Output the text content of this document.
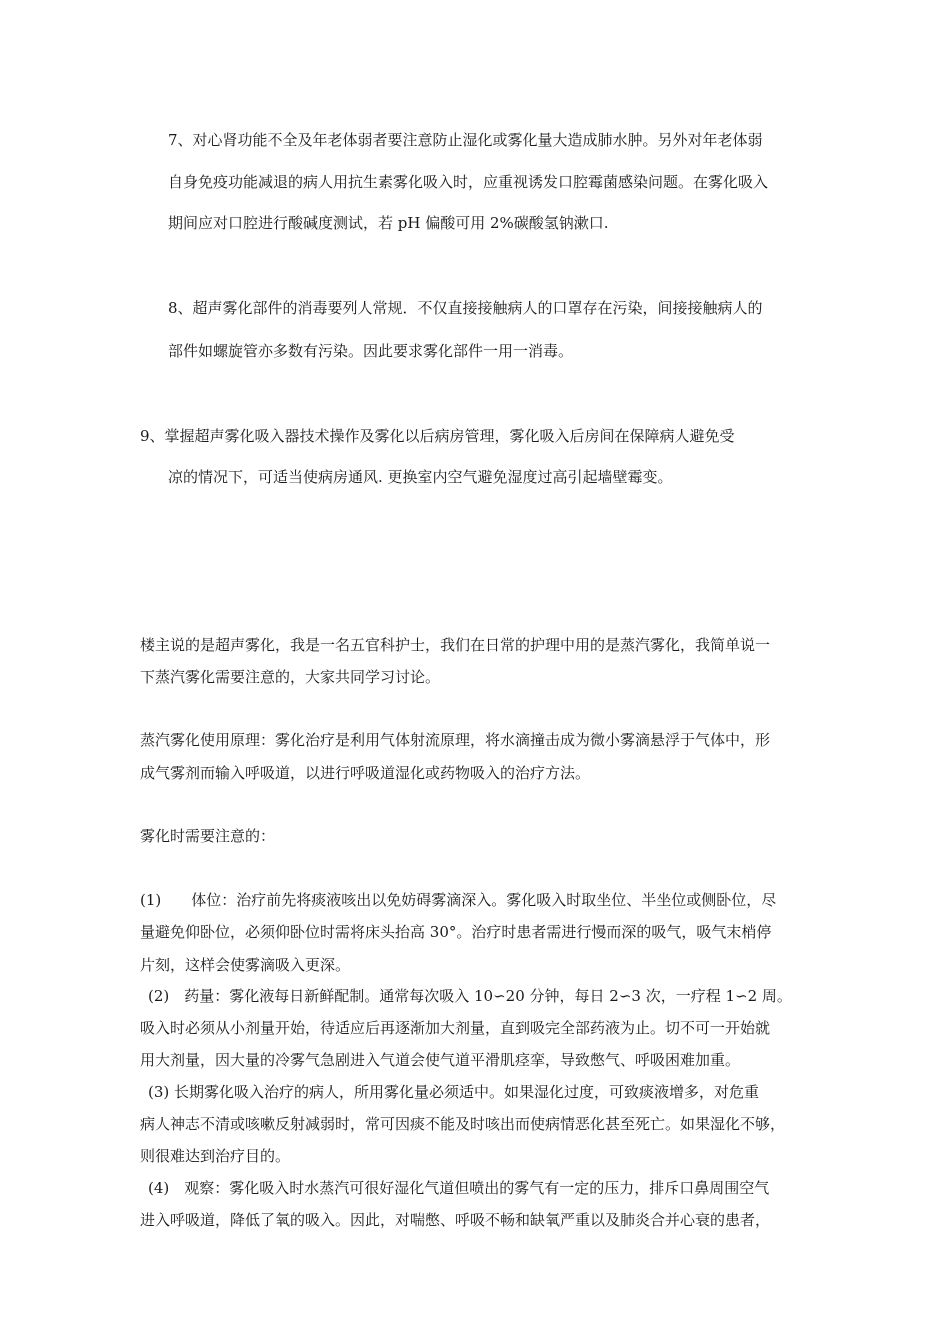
7、对心肾功能不全及年老体弱者要注意防止湿化或雾化量大造成肺水肿。另外对年老体弱
自身免疫功能减退的病人用抗生素雾化吸入时，应重视诱发口腔霉菌感染问题。在雾化吸入
期间应对口腔进行酸碱度测试，若 pH 偏酸可用 2%碳酸氢钠漱口.
8、超声雾化部件的消毒要列人常规．不仅直接接触病人的口罩存在污染，间接接触病人的
部件如螺旋管亦多数有污染。因此要求雾化部件一用一消毒。
9、掌握超声雾化吸入器技术操作及雾化以后病房管理，雾化吸入后房间在保障病人避免受
凉的情况下，可适当使病房通风. 更换室内空气避免湿度过高引起墙壁霉变。
楼主说的是超声雾化，我是一名五官科护士，我们在日常的护理中用的是蒸汽雾化，我简单说一
下蒸汽雾化需要注意的，大家共同学习讨论。
蒸汽雾化使用原理：雾化治疗是利用气体射流原理，将水滴撞击成为微小雾滴悬浮于气体中，形
成气雾剂而输入呼吸道，以进行呼吸道湿化或药物吸入的治疗方法。
雾化时需要注意的：
(1)　　体位：治疗前先将痰液咳出以免妨碍雾滴深入。雾化吸入时取坐位、半坐位或侧卧位，尽
量避免仰卧位，必须仰卧位时需将床头抬高 30°。治疗时患者需进行慢而深的吸气，吸气末梢停
片刻，这样会使雾滴吸入更深。
(2)　药量：雾化液每日新鲜配制。通常每次吸入 10∽20 分钟，每日 2∽3 次，一疗程 1∽2 周。
吸入时必须从小剂量开始，待适应后再逐渐加大剂量，直到吸完全部药液为止。切不可一开始就
用大剂量，因大量的冷雾气急剧进入气道会使气道平滑肌痉挛，导致憋气、呼吸困难加重。
(3) 长期雾化吸入治疗的病人，所用雾化量必须适中。如果湿化过度，可致痰液增多，对危重
病人神志不清或咳嗽反射减弱时，常可因痰不能及时咳出而使病情恶化甚至死亡。如果湿化不够，
则很难达到治疗目的。
(4)　观察：雾化吸入时水蒸汽可很好湿化气道但喷出的雾气有一定的压力，排斥口鼻周围空气
进入呼吸道，降低了氧的吸入。因此，对喘憋、呼吸不畅和缺氧严重以及肺炎合并心衰的患者，
